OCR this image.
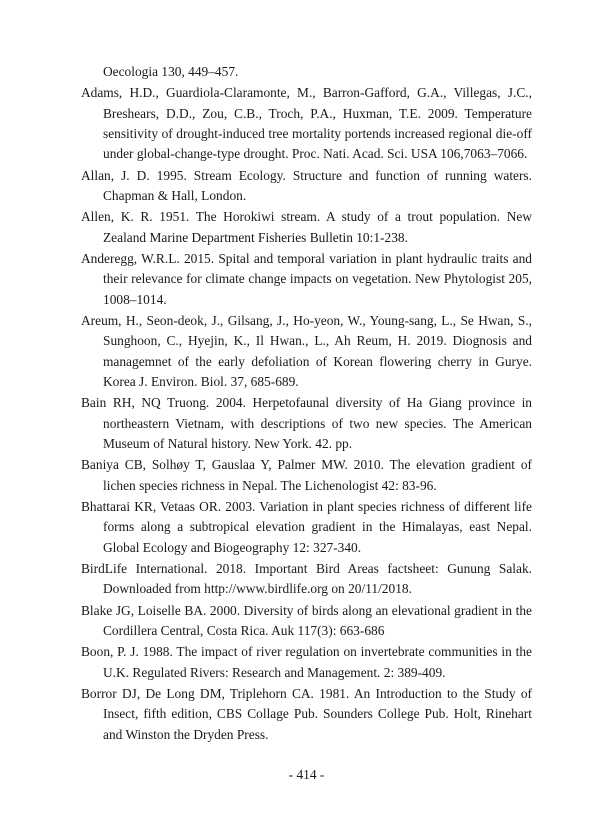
Oecologia 130, 449–457.

Adams, H.D., Guardiola-Claramonte, M., Barron-Gafford, G.A., Villegas, J.C., Breshears, D.D., Zou, C.B., Troch, P.A., Huxman, T.E. 2009. Temperature sensitivity of drought-induced tree mortality portends increased regional die-off under global-change-type drought. Proc. Nati. Acad. Sci. USA 106,7063–7066.

Allan, J. D. 1995. Stream Ecology. Structure and function of running waters. Chapman & Hall, London.

Allen, K. R. 1951. The Horokiwi stream. A study of a trout population. New Zealand Marine Department Fisheries Bulletin 10:1-238.

Anderegg, W.R.L. 2015. Spital and temporal variation in plant hydraulic traits and their relevance for climate change impacts on vegetation. New Phytologist 205, 1008–1014.

Areum, H., Seon-deok, J., Gilsang, J., Ho-yeon, W., Young-sang, L., Se Hwan, S., Sunghoon, C., Hyejin, K., Il Hwan., L., Ah Reum, H. 2019. Diognosis and managemnet of the early defoliation of Korean flowering cherry in Gurye. Korea J. Environ. Biol. 37, 685-689.

Bain RH, NQ Truong. 2004. Herpetofaunal diversity of Ha Giang province in northeastern Vietnam, with descriptions of two new species. The American Museum of Natural history. New York. 42. pp.

Baniya CB, Solhøy T, Gauslaa Y, Palmer MW. 2010. The elevation gradient of lichen species richness in Nepal. The Lichenologist 42: 83-96.

Bhattarai KR, Vetaas OR. 2003. Variation in plant species richness of different life forms along a subtropical elevation gradient in the Himalayas, east Nepal. Global Ecology and Biogeography 12: 327-340.

BirdLife International. 2018. Important Bird Areas factsheet: Gunung Salak. Downloaded from http://www.birdlife.org on 20/11/2018.

Blake JG, Loiselle BA. 2000. Diversity of birds along an elevational gradient in the Cordillera Central, Costa Rica. Auk 117(3): 663-686

Boon, P. J. 1988. The impact of river regulation on invertebrate communities in the U.K. Regulated Rivers: Research and Management. 2: 389-409.

Borror DJ, De Long DM, Triplehorn CA. 1981. An Introduction to the Study of Insect, fifth edition, CBS Collage Pub. Sounders College Pub. Holt, Rinehart and Winston the Dryden Press.

- 414 -
